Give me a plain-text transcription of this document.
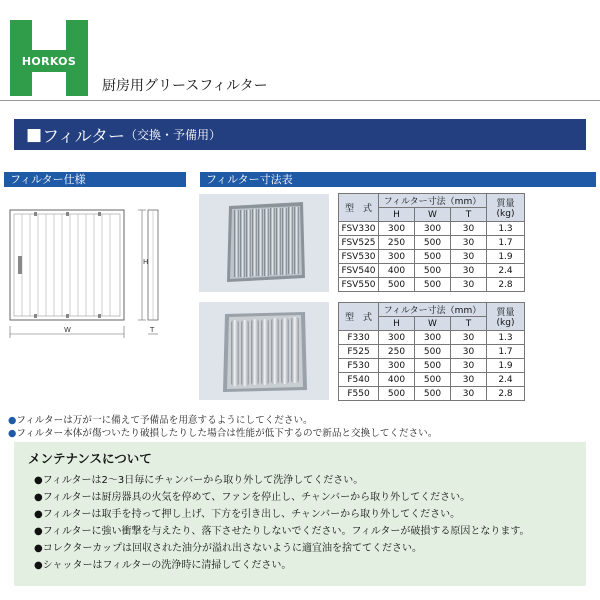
HORKOS
厨房用グリースフィルター
■ フィルター （交換・予備用）
フィルター仕様	フィルター寸法表
W
H
T
型　式	フィルター寸法（mm）			質量
(kg)
	H	W	T	
FSV330	300	300	30	1.3
FSV525	250	500	30	1.7
FSV530	300	500	30	1.9
FSV540	400	500	30	2.4
FSV550	500	500	30	2.8
型　式	フィルター寸法（mm）			質量
(kg)
	H	W	T	
F330	300	300	30	1.3
F525	250	500	30	1.7
F530	300	500	30	1.9
F540	400	500	30	2.4
F550	500	500	30	2.8
●フィルターは万が一に備えて予備品を用意するようにしてください。
●フィルター本体が傷ついたり破損したりした場合は性能が低下するので新品と交換してください。
メンテナンスについて
●フィルターは2～3日毎にチャンバーから取り外して洗浄してください。
●フィルターは厨房器具の火気を停めて、ファンを停止し、チャンバーから取り外してください。
●フィルターは取手を持って押し上げ、下方を引き出し、チャンバーから取り外してください。
●フィルターに強い衝撃を与えたり、落下させたりしないでください。フィルターが破損する原因となります。
●コレクターカップは回収された油分が溢れ出さないように適宜油を捨ててください。
●シャッターはフィルターの洗浄時に清掃してください。
